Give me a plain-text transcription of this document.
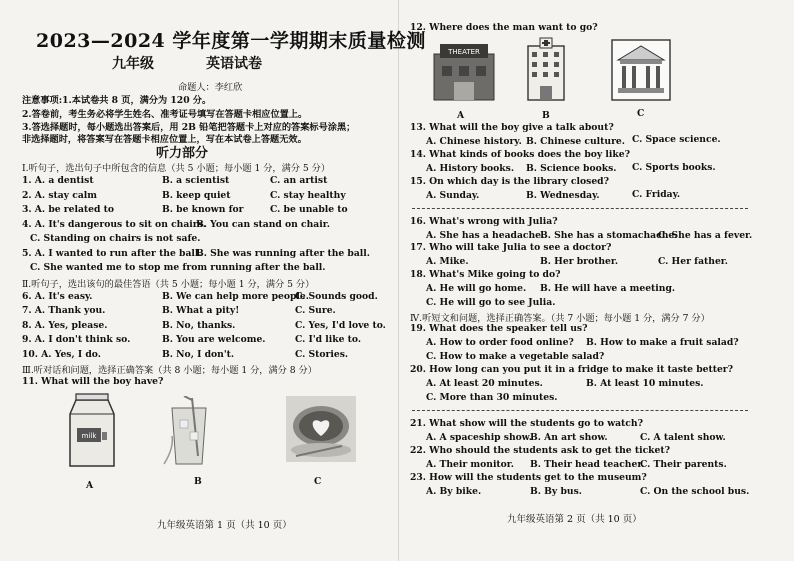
2023—2024 学年度第一学期期末质量检测
九年级	英语试卷
命题人：李红欣
注意事项:1.本试卷共 8 页，满分为 120 分。
2.答卷前，考生务必将学生姓名、准考证号填写在答题卡相应位置上。
3.答选择题时，每小题选出答案后，用 2B 铅笔把答题卡上对应的答案标号涂黑；
非选择题时，将答案写在答题卡相应位置上，写在本试卷上答题无效。
听力部分
Ⅰ.听句子，选出句子中所包含的信息（共 5 小题；每小题 1 分，满分 5 分）
1. A. a dentist	B. a scientist	C. an artist
2. A. stay calm	B. keep quiet	C. stay healthy
3. A. be related to	B. be known for	C. be unable to
4. A. It's dangerous to sit on chairs.
B. You can stand on chair.
C. Standing on chairs is not safe.
5. A. I wanted to run after the ball.
B. She was running after the ball.
C. She wanted me to stop me from running after the ball.
Ⅱ.听句子，选出该句的最佳答语（共 5 小题；每小题 1 分，满分 5 分）
6. A. It's easy.	B. We can help more people.
C. Sounds good.
7. A. Thank you.	B. What a pity!	C. Sure.
8. A. Yes, please.	B. No, thanks.	C. Yes, I'd love to.
9. A. I don't think so.	B. You are welcome.	C. I'd like to.
10. A. Yes, I do.	B. No, I don't.	C. Stories.
Ⅲ.听对话和问题，选择正确答案（共 8 小题；每小题 1 分，满分 8 分）
11. What will the boy have?
milk
A	B	C
九年级英语第 1 页（共 10 页）
12. Where does the man want to go?
THEATER
A	B	C
13. What will the boy give a talk about?
A. Chinese history. B. Chinese culture. C. Space science.
14. What kinds of books does the boy like?
A. History books. B. Science books. C. Sports books.
15. On which day is the library closed?
A. Sunday.	B. Wednesday.	C. Friday.
16. What's wrong with Julia?
A. She has a headache.
B. She has a stomachache.
C. She has a fever.
17. Who will take Julia to see a doctor?
A. Mike.	B. Her brother.	C. Her father.
18. What's Mike going to do?
A. He will go home. B. He will have a meeting.
C. He will go to see Julia.
Ⅳ.听短文和问题，选择正确答案。（共 7 小题；每小题 1 分，满分 7 分）
19. What does the speaker tell us?
A. How to order food online? B. How to make a fruit salad?
C. How to make a vegetable salad?
20. How long can you put it in a fridge to make it taste better?
A. At least 20 minutes.	B. At least 10 minutes.
C. More than 30 minutes.
21. What show will the students go to watch?
A. A spaceship show.
B. An art show.	C. A talent show.
22. Who should the students ask to get the ticket?
A. Their monitor. B. Their head teacher.
C. Their parents.
23. How will the students get to the museum?
A. By bike.	B. By bus.	C. On the school bus.
九年级英语第 2 页（共 10 页）
